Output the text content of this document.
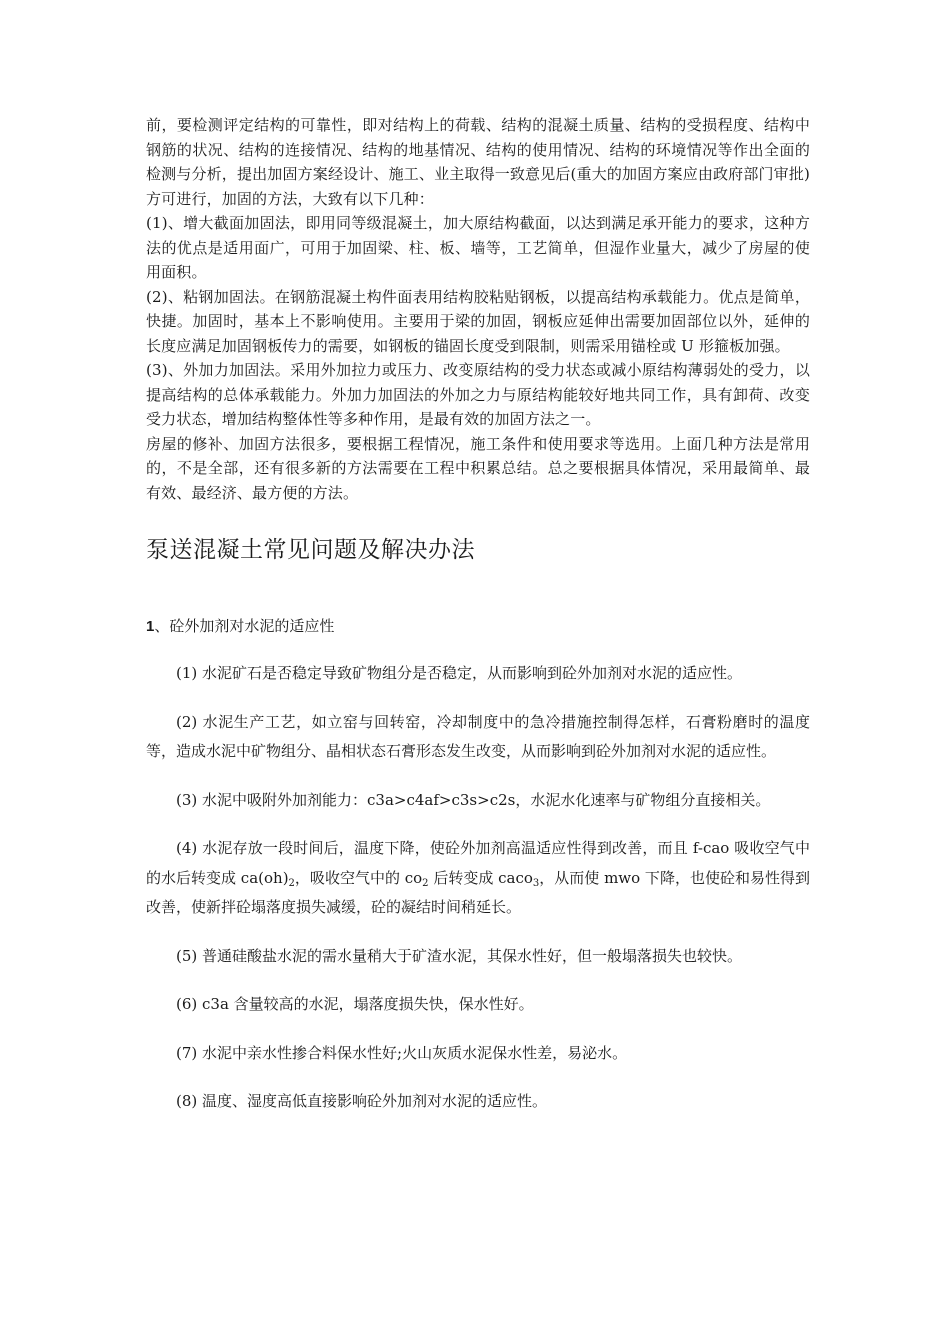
前，要检测评定结构的可靠性，即对结构上的荷载、结构的混凝土质量、结构的受损程度、结构中钢筋的状况、结构的连接情况、结构的地基情况、结构的使用情况、结构的环境情况等作出全面的检测与分析，提出加固方案经设计、施工、业主取得一致意见后(重大的加固方案应由政府部门审批)方可进行，加固的方法，大致有以下几种：

(1)、增大截面加固法，即用同等级混凝土，加大原结构截面，以达到满足承开能力的要求，这种方法的优点是适用面广，可用于加固梁、柱、板、墙等，工艺简单，但湿作业量大，减少了房屋的使用面积。

(2)、粘钢加固法。在钢筋混凝土构件面表用结构胶粘贴钢板，以提高结构承载能力。优点是简单，快捷。加固时，基本上不影响使用。主要用于梁的加固，钢板应延伸出需要加固部位以外，延伸的长度应满足加固钢板传力的需要，如钢板的锚固长度受到限制，则需采用锚栓或 U 形箍板加强。

(3)、外加力加固法。采用外加拉力或压力、改变原结构的受力状态或减小原结构薄弱处的受力，以提高结构的总体承载能力。外加力加固法的外加之力与原结构能较好地共同工作，具有卸荷、改变受力状态，增加结构整体性等多种作用，是最有效的加固方法之一。

房屋的修补、加固方法很多，要根据工程情况，施工条件和使用要求等选用。上面几种方法是常用的，不是全部，还有很多新的方法需要在工程中积累总结。总之要根据具体情况，采用最简单、最有效、最经济、最方便的方法。

泵送混凝土常见问题及解决办法
1、砼外加剂对水泥的适应性

(1) 水泥矿石是否稳定导致矿物组分是否稳定，从而影响到砼外加剂对水泥的适应性。

(2) 水泥生产工艺，如立窑与回转窑，冷却制度中的急冷措施控制得怎样，石膏粉磨时的温度等，造成水泥中矿物组分、晶相状态石膏形态发生改变，从而影响到砼外加剂对水泥的适应性。

(3) 水泥中吸附外加剂能力：c3a>c4af>c3s>c2s，水泥水化速率与矿物组分直接相关。

(4) 水泥存放一段时间后，温度下降，使砼外加剂高温适应性得到改善，而且 f-cao 吸收空气中的水后转变成 $ca(oh)_2$，吸收空气中的 $co_2$ 后转变成 caco$_3$，从而使 mwo 下降，也使砼和易性得到改善，使新拌砼塌落度损失减缓，砼的凝结时间稍延长。

(5) 普通硅酸盐水泥的需水量稍大于矿渣水泥，其保水性好，但一般塌落损失也较快。

(6) c3a 含量较高的水泥，塌落度损失快，保水性好。

(7) 水泥中亲水性掺合料保水性好;火山灰质水泥保水性差，易泌水。

(8) 温度、湿度高低直接影响砼外加剂对水泥的适应性。
